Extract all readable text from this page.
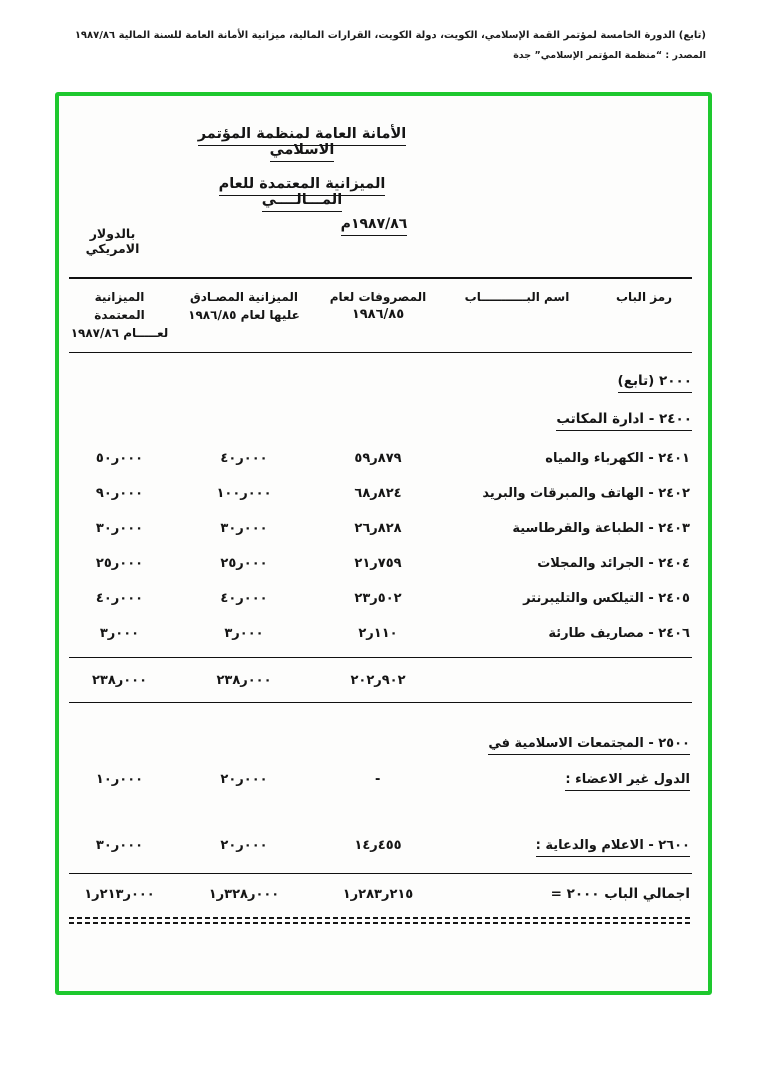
(تابع) الدورة الخامسة لمؤتمر القمة الإسلامي، الكويت، دولة الكويت، القرارات المالية، ميزانية الأمانة العامة للسنة المالية ١٩٨٧/٨٦
المصدر : “منظمة المؤتمر الإسلامي” جدة
الأمانة العامة لمنظمة المؤتمر الاسلامي
الميزانية المعتمدة للعام المـــالــــي
١٩٨٧/٨٦م
بالدولار الامريكي
رمز الباب
اسم البـــــــــــاب
المصروفات لعام
١٩٨٦/٨٥
الميزانية المصـادق
عليها لعام ١٩٨٦/٨٥
الميزانية المعتمدة
لعـــــام ١٩٨٧/٨٦
٢٠٠٠ (تابع)
٢٤٠٠ - ادارة المكاتب
٢٤٠١ - الكهرباء والمياه
٥٩ر٨٧٩
٤٠ر٠٠٠
٥٠ر٠٠٠
٢٤٠٢ - الهاتف والمبرقات والبريد
٦٨ر٨٢٤
١٠٠ر٠٠٠
٩٠ر٠٠٠
٢٤٠٣ - الطباعة والقرطاسية
٢٦ر٨٢٨
٣٠ر٠٠٠
٣٠ر٠٠٠
٢٤٠٤ - الجرائد والمجلات
٢١ر٧٥٩
٢٥ر٠٠٠
٢٥ر٠٠٠
٢٤٠٥ - التيلكس والتليبرنتر
٢٣ر٥٠٢
٤٠ر٠٠٠
٤٠ر٠٠٠
٢٤٠٦ - مصاريف طارئة
٢ر١١٠
٣ر٠٠٠
٣ر٠٠٠
٢٠٢ر٩٠٢
٢٣٨ر٠٠٠
٢٣٨ر٠٠٠
٢٥٠٠ - المجتمعات الاسلامية في
الدول غير الاعضاء :
-
٢٠ر٠٠٠
١٠ر٠٠٠
٢٦٠٠ - الاعلام والدعاية :
١٤ر٤٥٥
٢٠ر٠٠٠
٣٠ر٠٠٠
اجمالي الباب ٢٠٠٠ =
١ر٢٨٣ر٢١٥
١ر٣٢٨ر٠٠٠
١ر٢١٣ر٠٠٠
